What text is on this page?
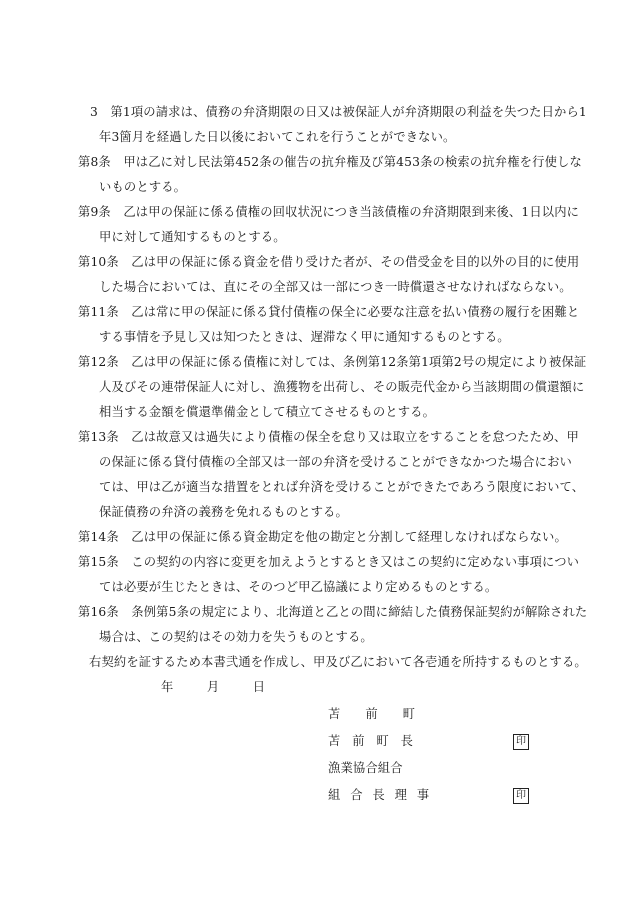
3　第1項の請求は、債務の弁済期限の日又は被保証人が弁済期限の利益を失つた日から1
年3箇月を経過した日以後においてこれを行うことができない。
第8条　甲は乙に対し民法第452条の催告の抗弁権及び第453条の検索の抗弁権を行使しな
いものとする。
第9条　乙は甲の保証に係る債権の回収状況につき当該債権の弁済期限到来後、1日以内に
甲に対して通知するものとする。
第10条　乙は甲の保証に係る資金を借り受けた者が、その借受金を目的以外の目的に使用
した場合においては、直にその全部又は一部につき一時償還させなければならない。
第11条　乙は常に甲の保証に係る貸付債権の保全に必要な注意を払い債務の履行を困難と
する事情を予見し又は知つたときは、遅滞なく甲に通知するものとする。
第12条　乙は甲の保証に係る債権に対しては、条例第12条第1項第2号の規定により被保証
人及びその連帯保証人に対し、漁獲物を出荷し、その販売代金から当該期間の償還額に
相当する金額を償還準備金として積立てさせるものとする。
第13条　乙は故意又は過失により債権の保全を怠り又は取立をすることを怠つたため、甲
の保証に係る貸付債権の全部又は一部の弁済を受けることができなかつた場合におい
ては、甲は乙が適当な措置をとれば弁済を受けることができたであろう限度において、
保証債務の弁済の義務を免れるものとする。
第14条　乙は甲の保証に係る資金勘定を他の勘定と分割して経理しなければならない。
第15条　この契約の内容に変更を加えようとするとき又はこの契約に定めない事項につい
ては必要が生じたときは、そのつど甲乙協議により定めるものとする。
第16条　条例第5条の規定により、北海道と乙との間に締結した債務保証契約が解除された
場合は、この契約はその効力を失うものとする。
右契約を証するため本書弐通を作成し、甲及び乙において各壱通を所持するものとする。
年　　月　　日
苫　　前　　町
苫 前 町 長	印
漁業協合組合
組 合 長 理 事	印
